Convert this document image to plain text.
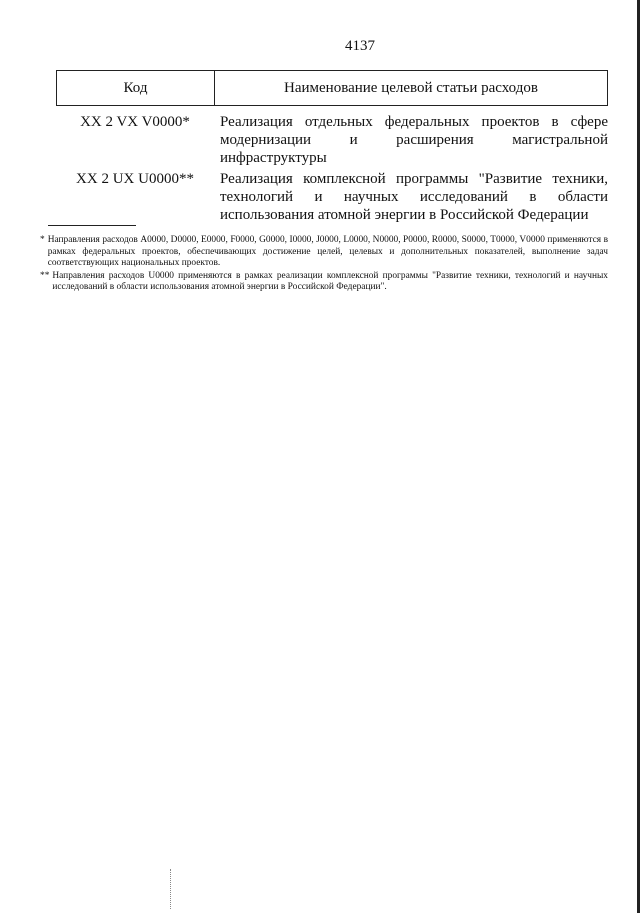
4137
Код	Наименование целевой статьи расходов
XX 2 VX V0000*	Реализация отдельных федеральных проектов в сфере модернизации и расширения магистральной инфраструктуры
XX 2 UX U0000**	Реализация комплексной программы "Развитие техники, технологий и научных исследований в области использования атомной энергии в Российской Федерации
* Направления расходов A0000, D0000, E0000, F0000, G0000, I0000, J0000, L0000, N0000, P0000, R0000, S0000, T0000, V0000 применяются в рамках федеральных проектов, обеспечивающих достижение целей, целевых и дополнительных показателей, выполнение задач соответствующих национальных проектов.
** Направления расходов U0000 применяются в рамках реализации комплексной программы "Развитие техники, технологий и научных исследований в области использования атомной энергии в Российской Федерации".
